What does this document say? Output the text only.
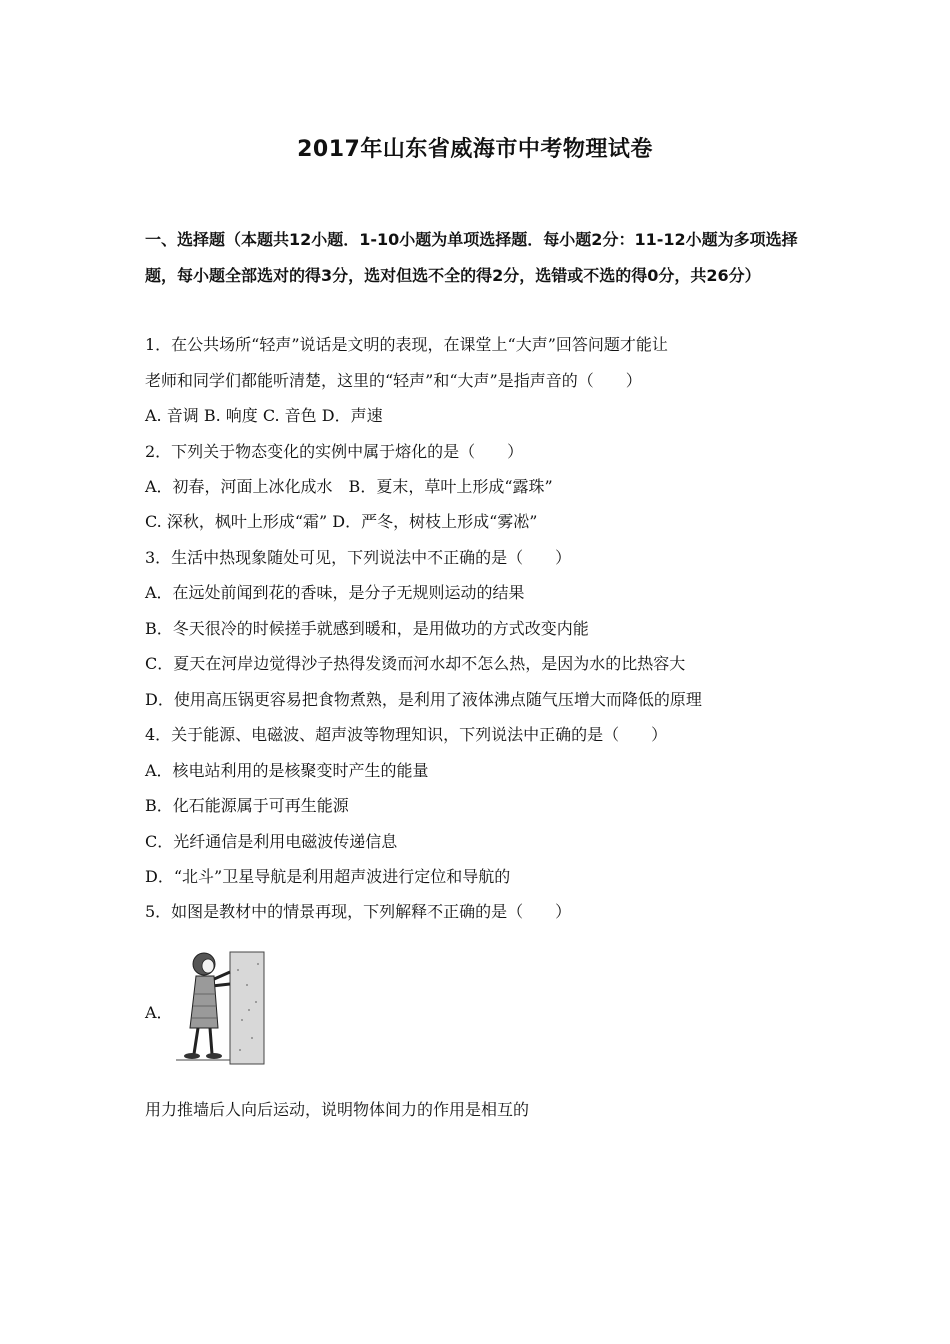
2017年山东省威海市中考物理试卷

一、选择题（本题共12小题．1-10小题为单项选择题．每小题2分：11-12小题为多项选择题，每小题全部选对的得3分，选对但选不全的得2分，选错或不选的得0分，共26分）

1．在公共场所“轻声”说话是文明的表现，在课堂上“大声”回答问题才能让

老师和同学们都能听清楚，这里的“轻声”和“大声”是指声音的（　　）

A. 音调 B. 响度 C. 音色 D．声速

2．下列关于物态变化的实例中属于熔化的是（　　）

A．初春，河面上冰化成水　B．夏末，草叶上形成“露珠”

C. 深秋，枫叶上形成“霜” D．严冬，树枝上形成“雾凇”

3．生活中热现象随处可见，下列说法中不正确的是（　　）

A．在远处前闻到花的香味，是分子无规则运动的结果

B．冬天很冷的时候搓手就感到暖和，是用做功的方式改变内能

C．夏天在河岸边觉得沙子热得发烫而河水却不怎么热，是因为水的比热容大

D．使用高压锅更容易把食物煮熟，是利用了液体沸点随气压增大而降低的原理

4．关于能源、电磁波、超声波等物理知识，下列说法中正确的是（　　）

A．核电站利用的是核聚变时产生的能量

B．化石能源属于可再生能源

C．光纤通信是利用电磁波传递信息

D．“北斗”卫星导航是利用超声波进行定位和导航的

5．如图是教材中的情景再现，下列解释不正确的是（　　）

A．

用力推墙后人向后运动，说明物体间力的作用是相互的
